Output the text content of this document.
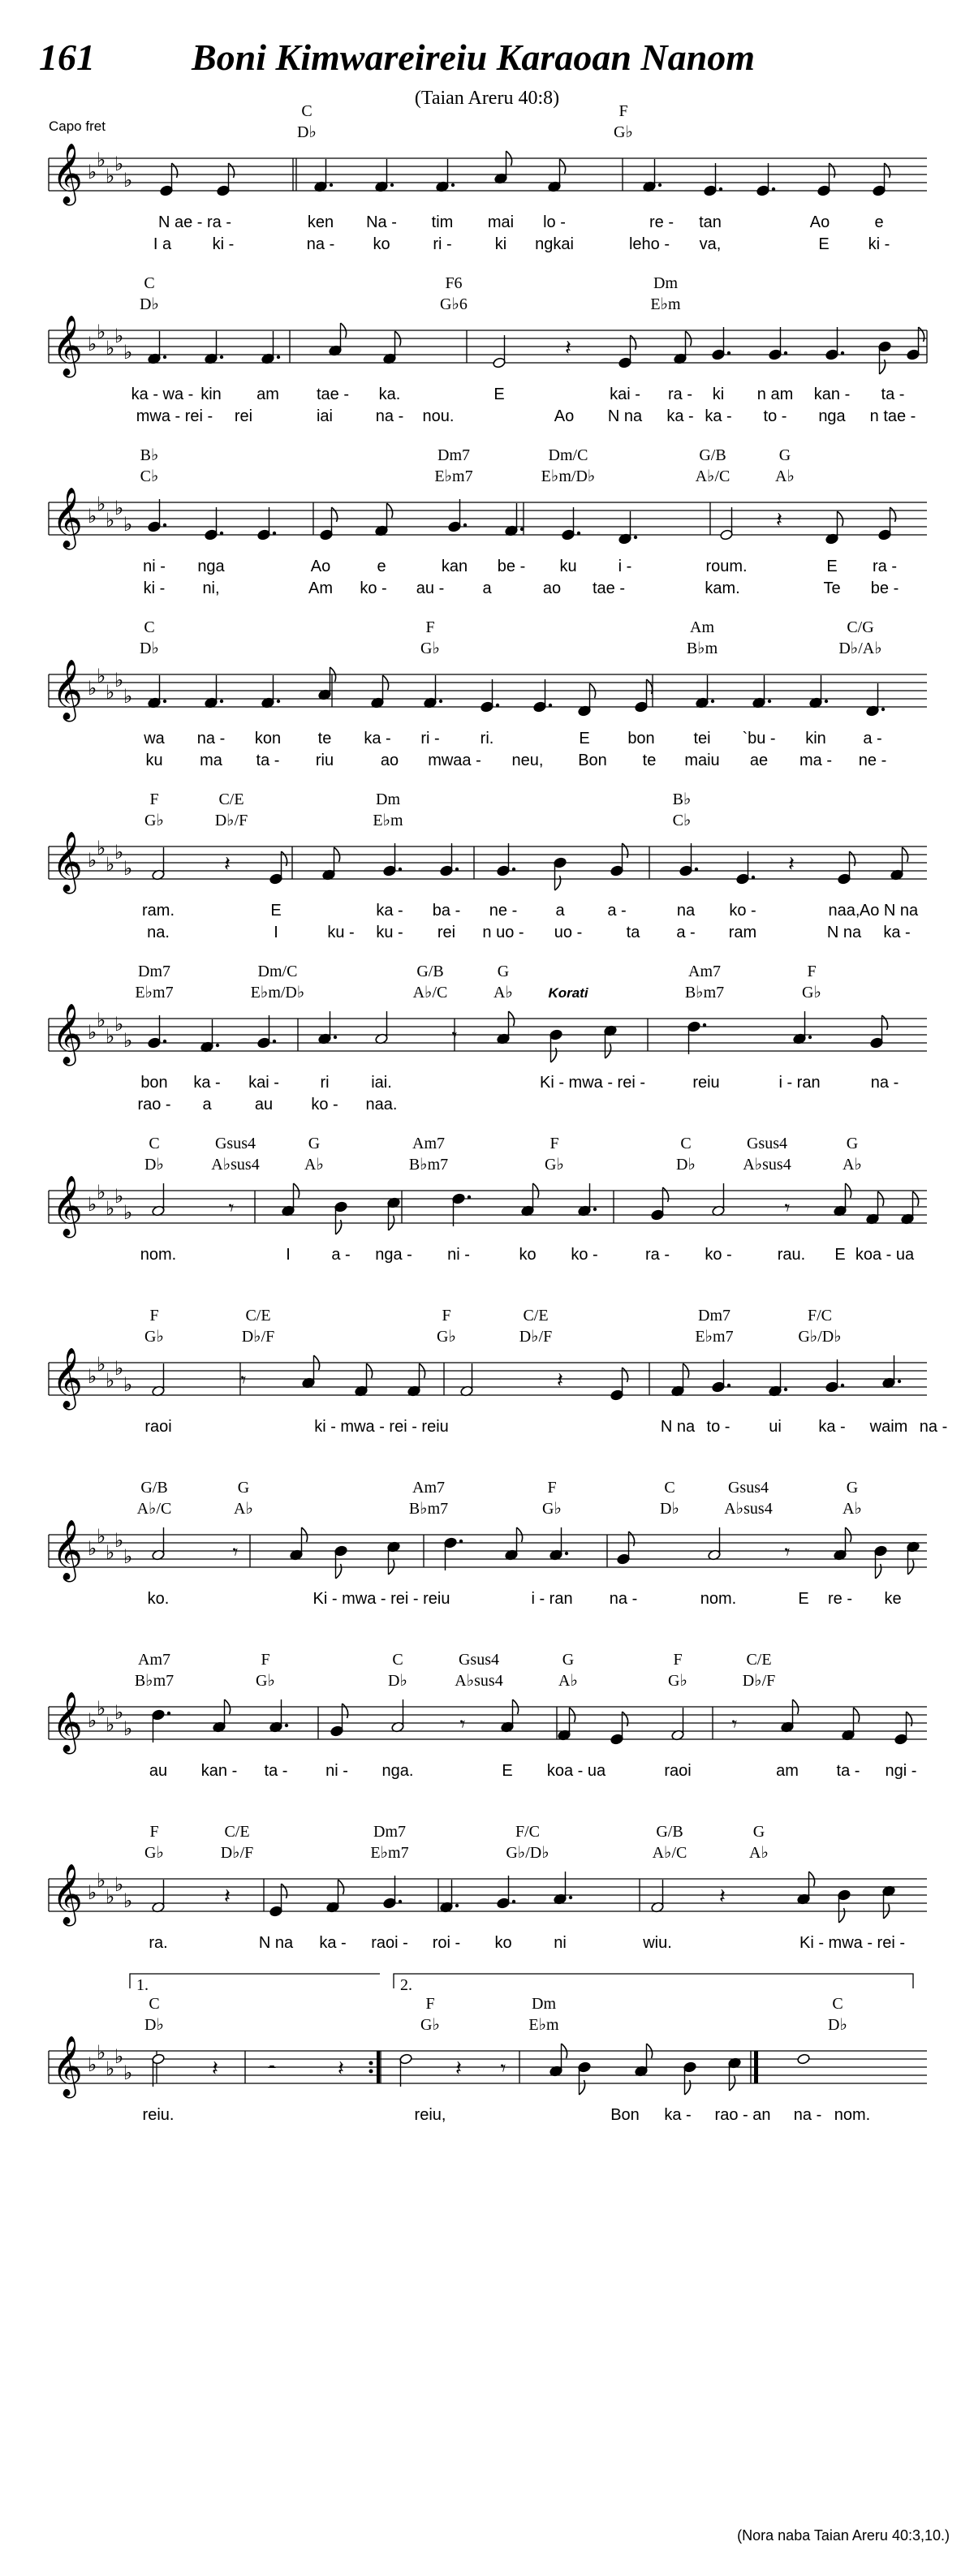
161	Boni Kimwareireiu Karaoan Nanom
(Taian Areru 40:8)
Capo fret
𝄞 ♭
♭
♭
♭
♭
C	F
D♭	G♭
N ae - ra -	ken Na - tim mai lo -	re - tan	Ao	e
I a	ki -	na - ko	ri -	ki ngkai	leho - va,	E ki -
𝄞 ♭
♭
♭
♭
♭	𝄽
C	F6	Dm
D♭	G♭6	E♭m
ka - wa - kin am tae - ka.	E	kai - ra - ki n am kan - ta -
mwa - rei - rei	iai	na - nou.	Ao N na ka - ka - to - nga n tae -
𝄞 ♭
♭
♭
♭
♭	𝄽
B♭	Dm7	Dm/C	G/B	G
C♭	E♭m7	E♭m/D♭	A♭/C	A♭
ni - nga	Ao	e	kan be - ku	i -	roum.	E ra -
ki - ni,	Am ko - au - a	ao tae -	kam.	Te be -
𝄞 ♭
♭
♭
♭
♭
C	F	Am	C/G
D♭	G♭	B♭m	D♭/A♭
wa na - kon te ka - ri -	ri.	E bon tei `bu - kin a -
ku ma ta - riu	ao mwaa - neu, Bon te maiu ae ma - ne -
𝄞 ♭
♭
♭
♭
♭	𝄽	𝄽
F	C/E	Dm	B♭
G♭	D♭/F	E♭m	C♭
ram.	E	ka - ba - ne - a	a -	na ko -	naa, Ao N na
na.	I	ku - ku - rei n uo - uo -	ta a - ram	N na ka -
𝄞 ♭
♭
♭
♭
♭	𝄾
Dm7	Dm/C	G/B	G	Am7	F
E♭m7	E♭m/D♭	A♭/C	A♭	B♭m7	G♭
Korati
bon ka - kai -	ri	iai.	Ki - mwa - rei -	reiu	i - ran	na -
rao - a	au ko - naa.
𝄞 ♭
♭
♭
♭
♭	𝄾	𝄾
C	Gsus4	G	Am7	F	C	Gsus4	G
D♭	A♭sus4	A♭	B♭m7	G♭	D♭	A♭sus4	A♭
nom.	I	a - nga - ni -	ko ko -	ra - ko -	rau. E koa - ua
𝄞 ♭
♭
♭
♭
♭	𝄾	𝄽
F	C/E	F	C/E	Dm7	F/C
G♭	D♭/F	G♭	D♭/F	E♭m7	G♭/D♭
raoi	ki - mwa - rei - reiu	N na to - ui ka - waim na -
𝄞 ♭
♭
♭
♭
♭	𝄾	𝄾
G/B	G	Am7	F	C	Gsus4	G
A♭/C	A♭	B♭m7	G♭	D♭	A♭sus4	A♭
ko.	Ki - mwa - rei - reiu	i - ran na -	nom.	E re - ke
𝄞 ♭
♭
♭
♭
♭	𝄾	𝄾
Am7	F	C	Gsus4	G	F	C/E
B♭m7	G♭	D♭	A♭sus4	A♭	G♭	D♭/F
au kan - ta - ni - nga.	E koa - ua	raoi	am ta - ngi -
𝄞 ♭
♭
♭
♭
♭	𝄽	𝄽
F	C/E	Dm7	F/C	G/B	G
G♭	D♭/F	E♭m7	G♭/D♭	A♭/C	A♭
ra.	N na ka - raoi - roi - ko	ni	wiu.	Ki - mwa - rei -
𝄞 ♭
♭
♭
♭
♭	𝄽 𝄼	𝄽	𝄽 𝄾
1.	2.
C	F	Dm	C
D♭	G♭	E♭m	D♭
reiu.	reiu,	Bon ka - rao - an na - nom.
(Nora naba Taian Areru 40:3,10.)
